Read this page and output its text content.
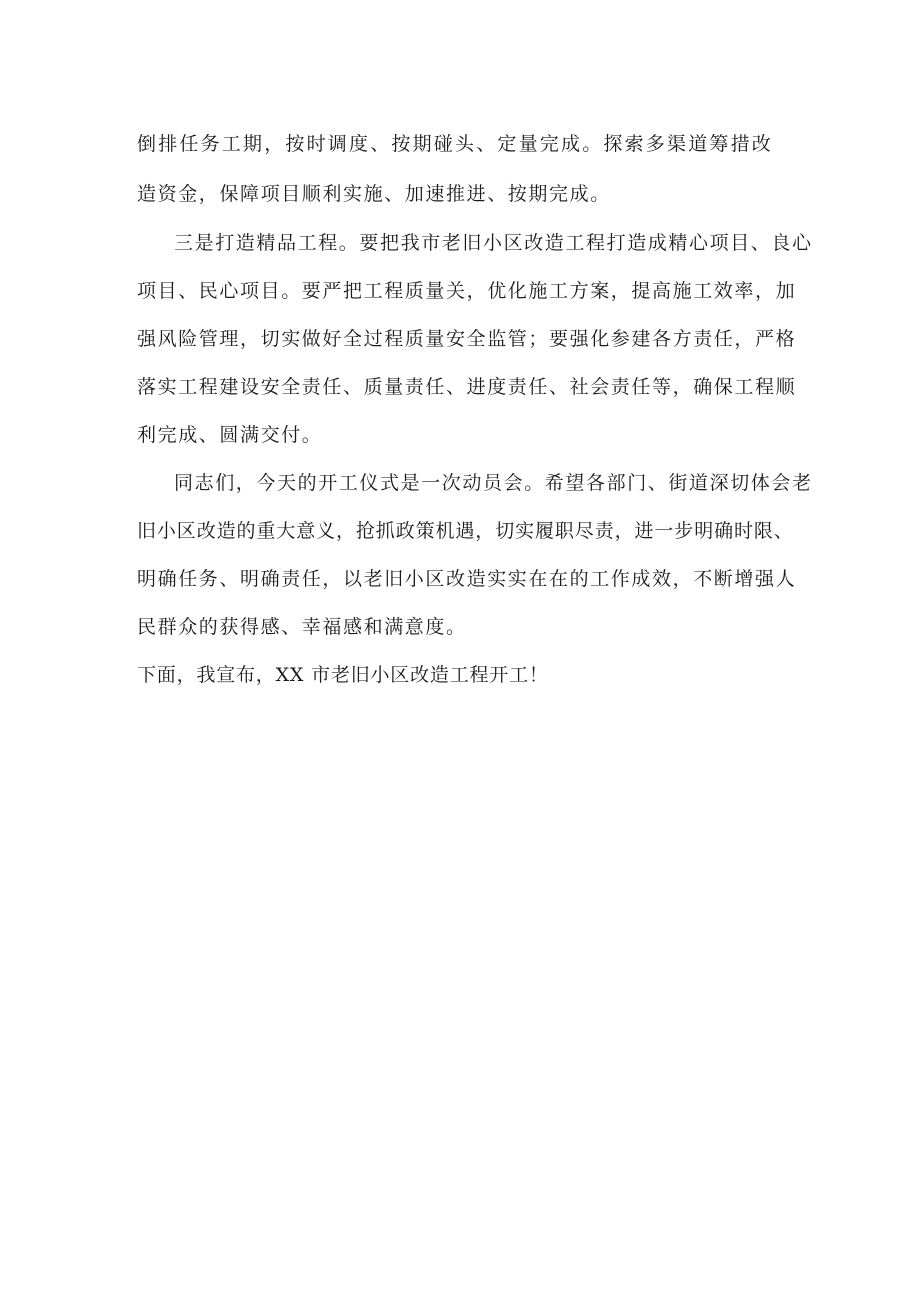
倒排任务工期，按时调度、按期碰头、定量完成。探索多渠道筹措改

造资金，保障项目顺利实施、加速推进、按期完成。

三是打造精品工程。要把我市老旧小区改造工程打造成精心项目、良心

项目、民心项目。要严把工程质量关，优化施工方案，提高施工效率，加

强风险管理，切实做好全过程质量安全监管；要强化参建各方责任，严格

落实工程建设安全责任、质量责任、进度责任、社会责任等，确保工程顺

利完成、圆满交付。

同志们，今天的开工仪式是一次动员会。希望各部门、街道深切体会老

旧小区改造的重大意义，抢抓政策机遇，切实履职尽责，进一步明确时限、

明确任务、明确责任，以老旧小区改造实实在在的工作成效，不断增强人

民群众的获得感、幸福感和满意度。

下面，我宣布，XX 市老旧小区改造工程开工！
